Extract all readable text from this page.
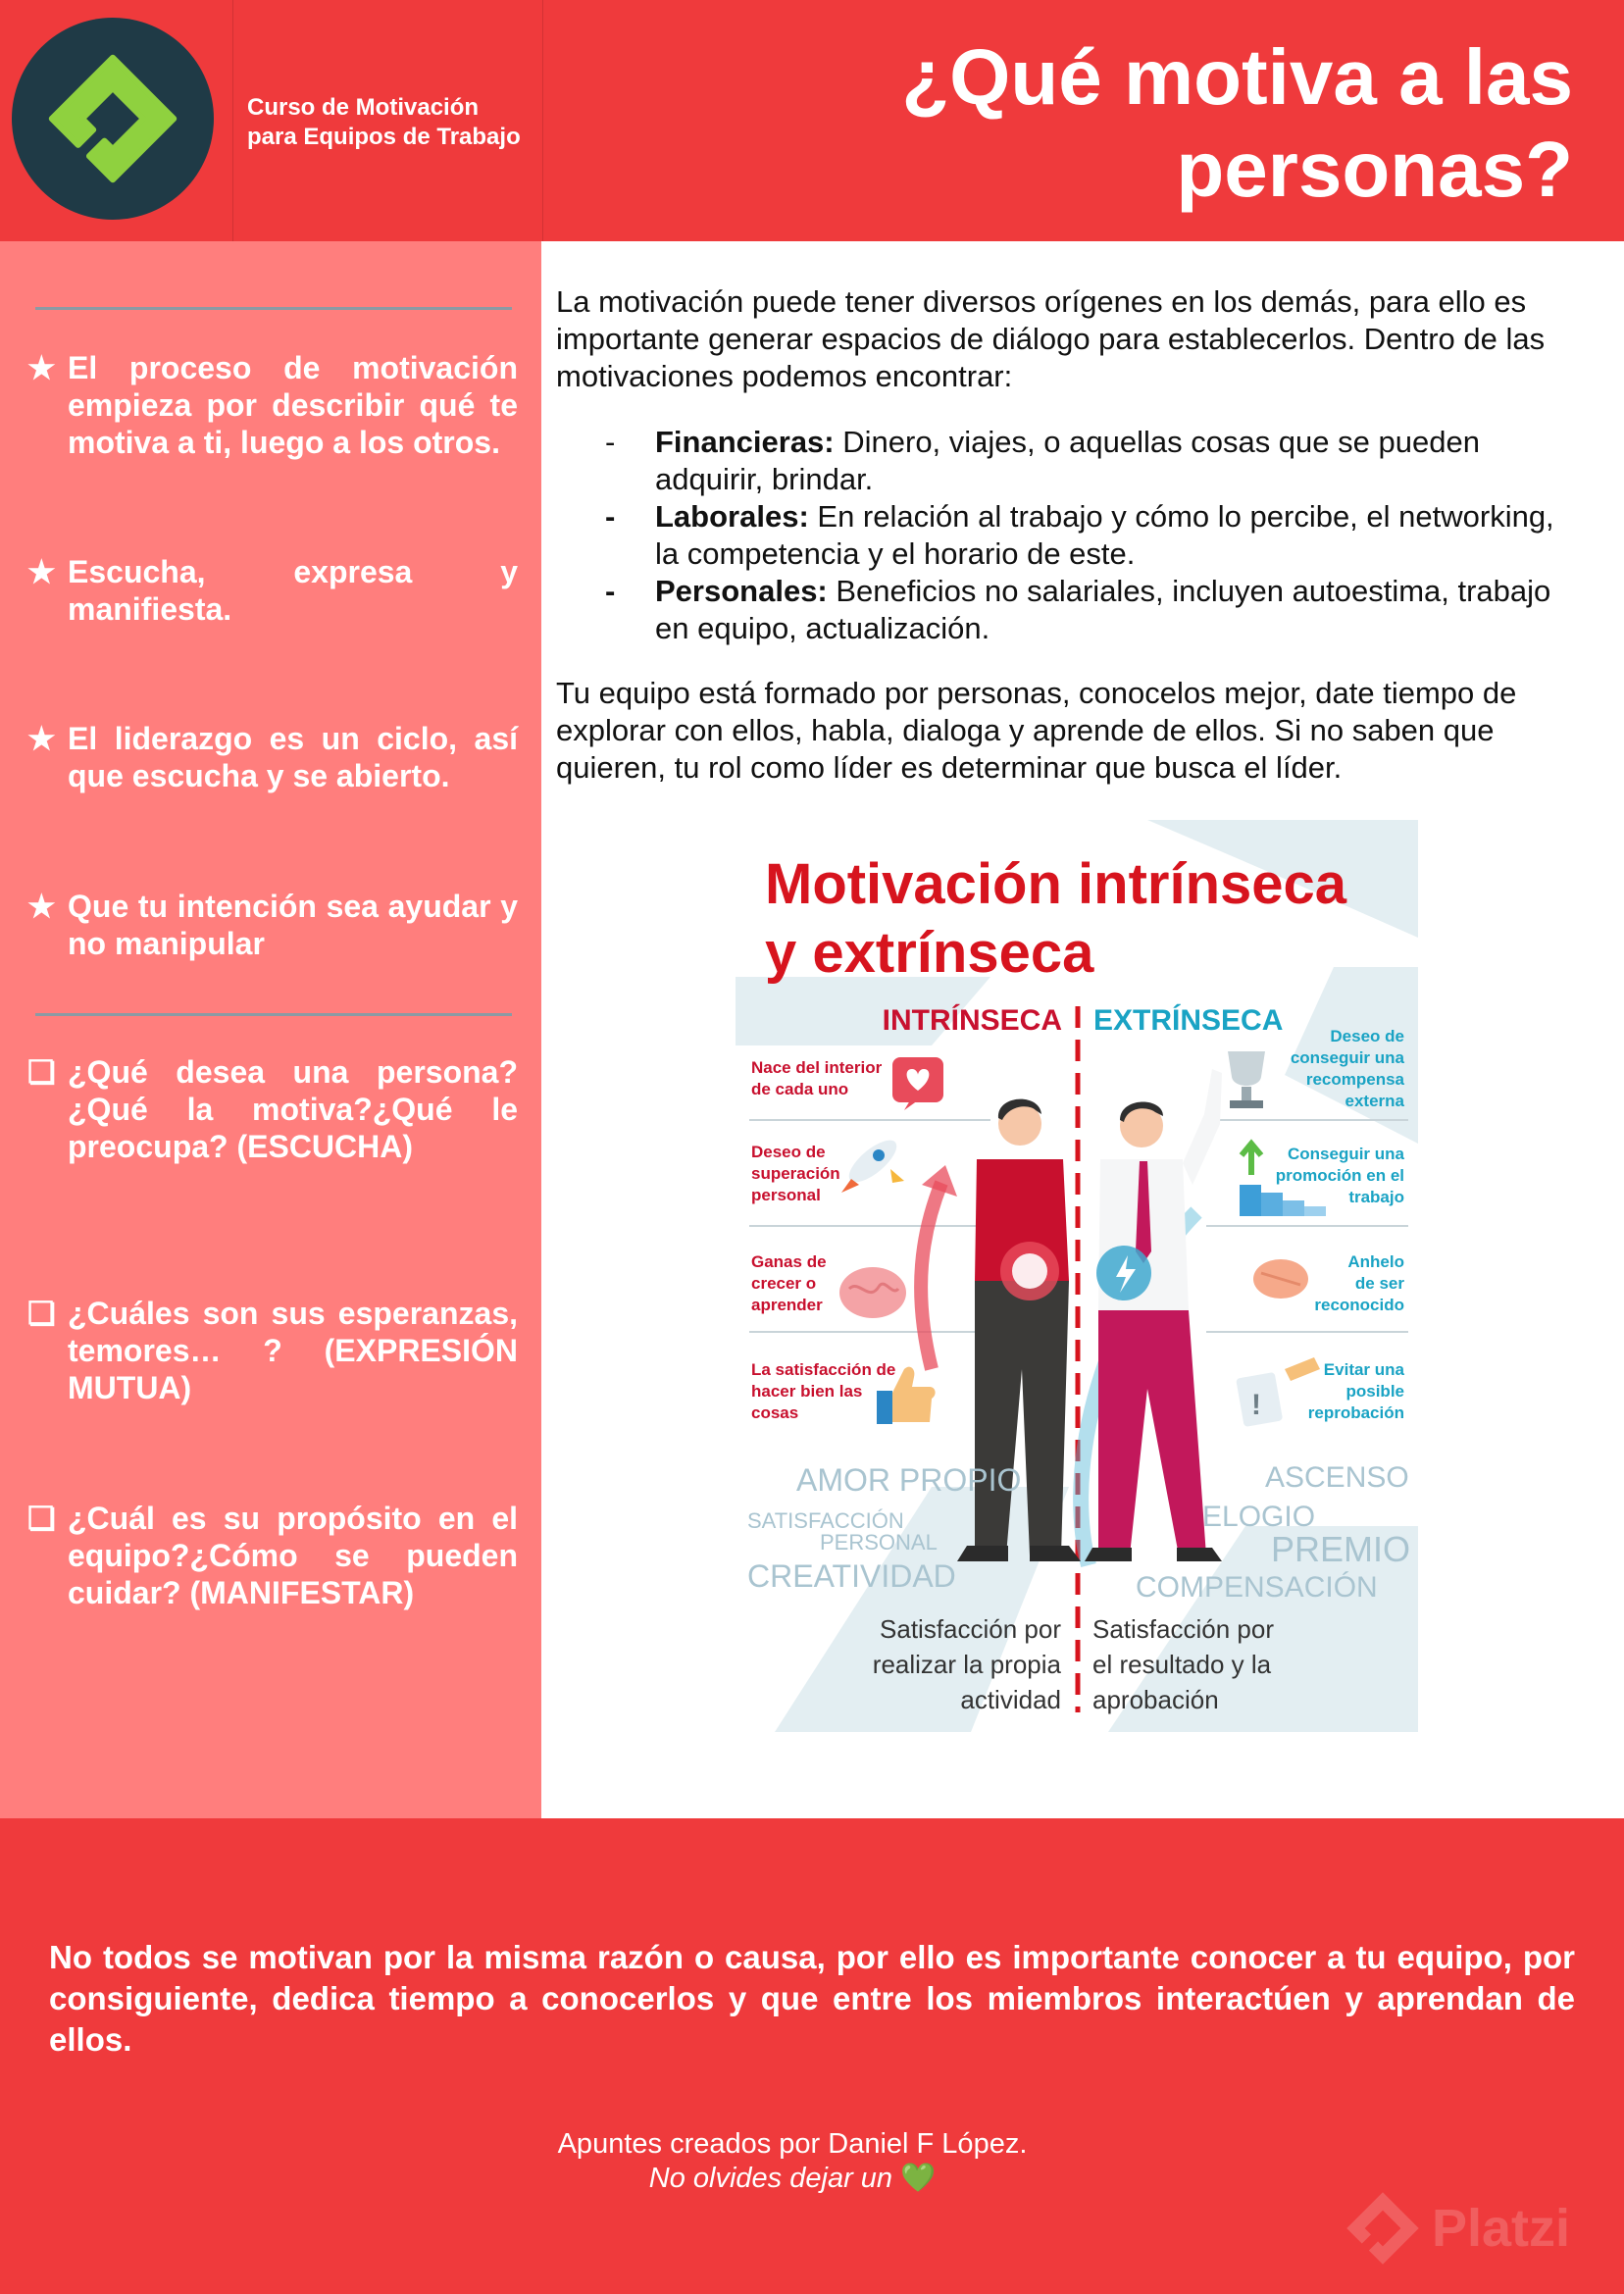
Curso de Motivación
para Equipos de Trabajo
¿Qué motiva a las
personas?
★ El proceso de motivación empieza por describir qué te motiva a ti, luego a los otros.
★ Escucha, expresa y manifiesta.
★ El liderazgo es un ciclo, así que escucha y se abierto.
★ Que tu intención sea ayudar y no manipular
❏ ¿Qué desea una persona?¿Qué la motiva?¿Qué le preocupa? (ESCUCHA)
❏ ¿Cuáles son sus esperanzas, temores… ? (EXPRESIÓN MUTUA)
❏ ¿Cuál es su propósito en el equipo?¿Cómo se pueden cuidar? (MANIFESTAR)

La motivación puede tener diversos orígenes en los demás, para ello es importante generar espacios de diálogo para establecerlos. Dentro de las motivaciones podemos encontrar:

- Financieras: Dinero, viajes, o aquellas cosas que se pueden adquirir, brindar.
- Laborales: En relación al trabajo y cómo lo percibe, el networking, la competencia y el horario de este.
- Personales: Beneficios no salariales, incluyen autoestima, trabajo en equipo, actualización.
Tu equipo está formado por personas, conocelos mejor, date tiempo de explorar con ellos, habla, dialoga y aprende de ellos. Si no saben que quieren, tu rol como líder es determinar que busca el líder.
Motivación intrínseca
y extrínseca
INTRÍNSECA EXTRÍNSECA
Nace del interior
de cada uno
Deseo de
superación
personal
Ganas de
crecer o
aprender
La satisfacción de
hacer bien las
cosas
Deseo de
conseguir una
recompensa
externa
Conseguir una
promoción en el
trabajo
Anhelo
de ser
reconocido
Evitar una
posible
reprobación
!
AMOR PROPIO
SATISFACCIÓN
PERSONAL
CREATIVIDAD
ASCENSO
ELOGIO
PREMIO
COMPENSACIÓN
Satisfacción por
realizar la propia
actividad
Satisfacción por
el resultado y la
aprobación
No todos se motivan por la misma razón o causa, por ello es importante conocer a tu equipo, por consiguiente, dedica tiempo a conocerlos y que entre los miembros interactúen y aprendan de ellos.
Apuntes creados por Daniel F López.
No olvides dejar un 💚
Platzi
